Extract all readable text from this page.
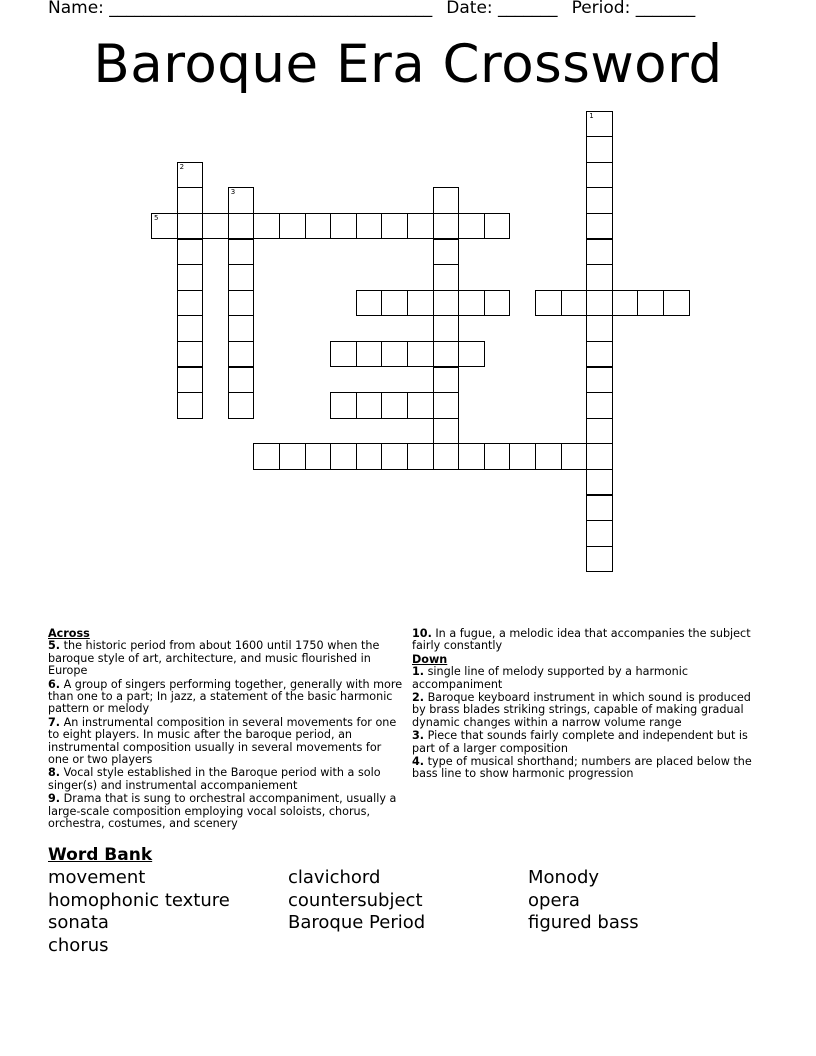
Name: ______________________________________ Date: _______ Period: _______
Baroque Era Crossword
1
2
3
5
Across
5. the historic period from about 1600 until 1750 when the baroque style of art, architecture, and music flourished in Europe
6. A group of singers performing together, generally with more than one to a part; In jazz, a statement of the basic harmonic pattern or melody
7. An instrumental composition in several movements for one to eight players. In music after the baroque period, an instrumental composition usually in several movements for one or two players
8. Vocal style established in the Baroque period with a solo singer(s) and instrumental accompaniement
9. Drama that is sung to orchestral accompaniment, usually a large-scale composition employing vocal soloists, chorus, orchestra, costumes, and scenery
10. In a fugue, a melodic idea that accompanies the subject fairly constantly
Down
1. single line of melody supported by a harmonic accompaniment
2. Baroque keyboard instrument in which sound is produced by brass blades striking strings, capable of making gradual dynamic changes within a narrow volume range
3. Piece that sounds fairly complete and independent but is part of a larger composition
4. type of musical shorthand; numbers are placed below the bass line to show harmonic progression
Word Bank
movement
homophonic texture
sonata
chorus
clavichord
countersubject
Baroque Period
Monody
opera
figured bass
